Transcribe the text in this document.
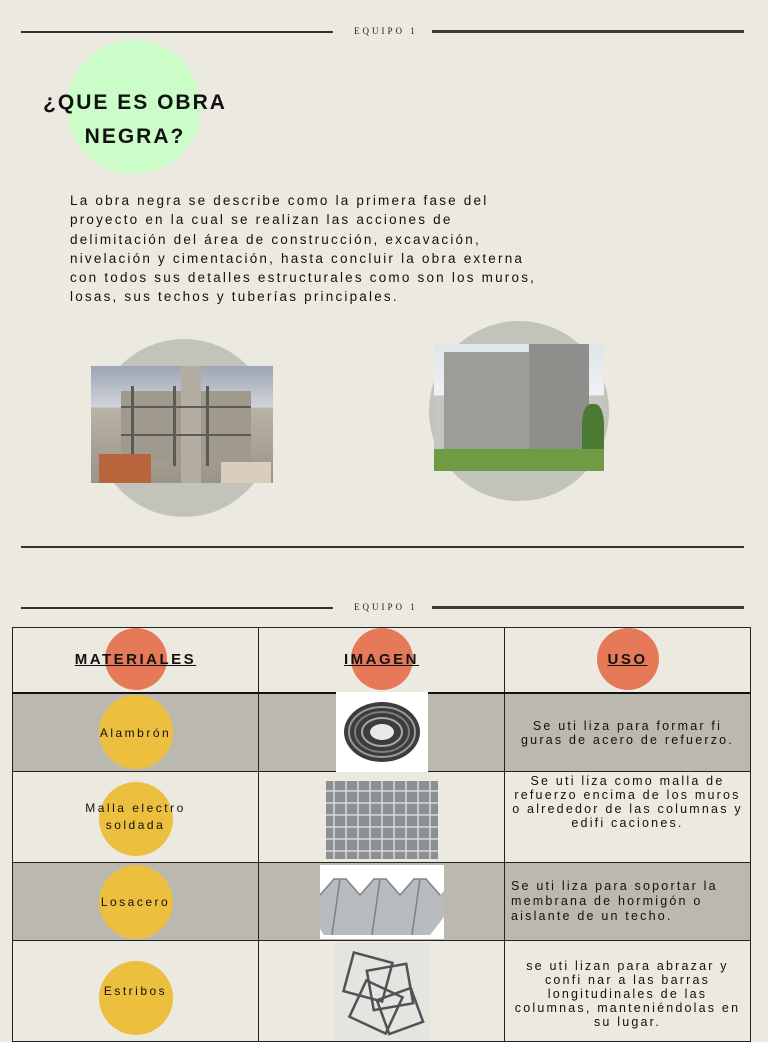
EQUIPO 1
¿QUE ES OBRA NEGRA?
La obra negra se describe como la primera fase del proyecto en la cual se realizan las acciones de delimitación del área de construcción, excavación, nivelación y cimentación, hasta concluir la obra externa con todos sus detalles estructurales como son los muros, losas, sus techos y tuberías principales.
EQUIPO 1
MATERIALES	IMAGEN	USO

Alambrón		Se uti liza para formar fi guras de acero de refuerzo.

Malla electro soldada		Se uti liza como malla de refuerzo encima de los muros o alrededor de las columnas y edifi caciones.

Losacero		Se uti liza para soportar la membrana de hormigón o aislante de un techo.

Estribos		se uti lizan para abrazar y confi nar a las barras longitudinales de las columnas, manteniéndolas en su lugar.
